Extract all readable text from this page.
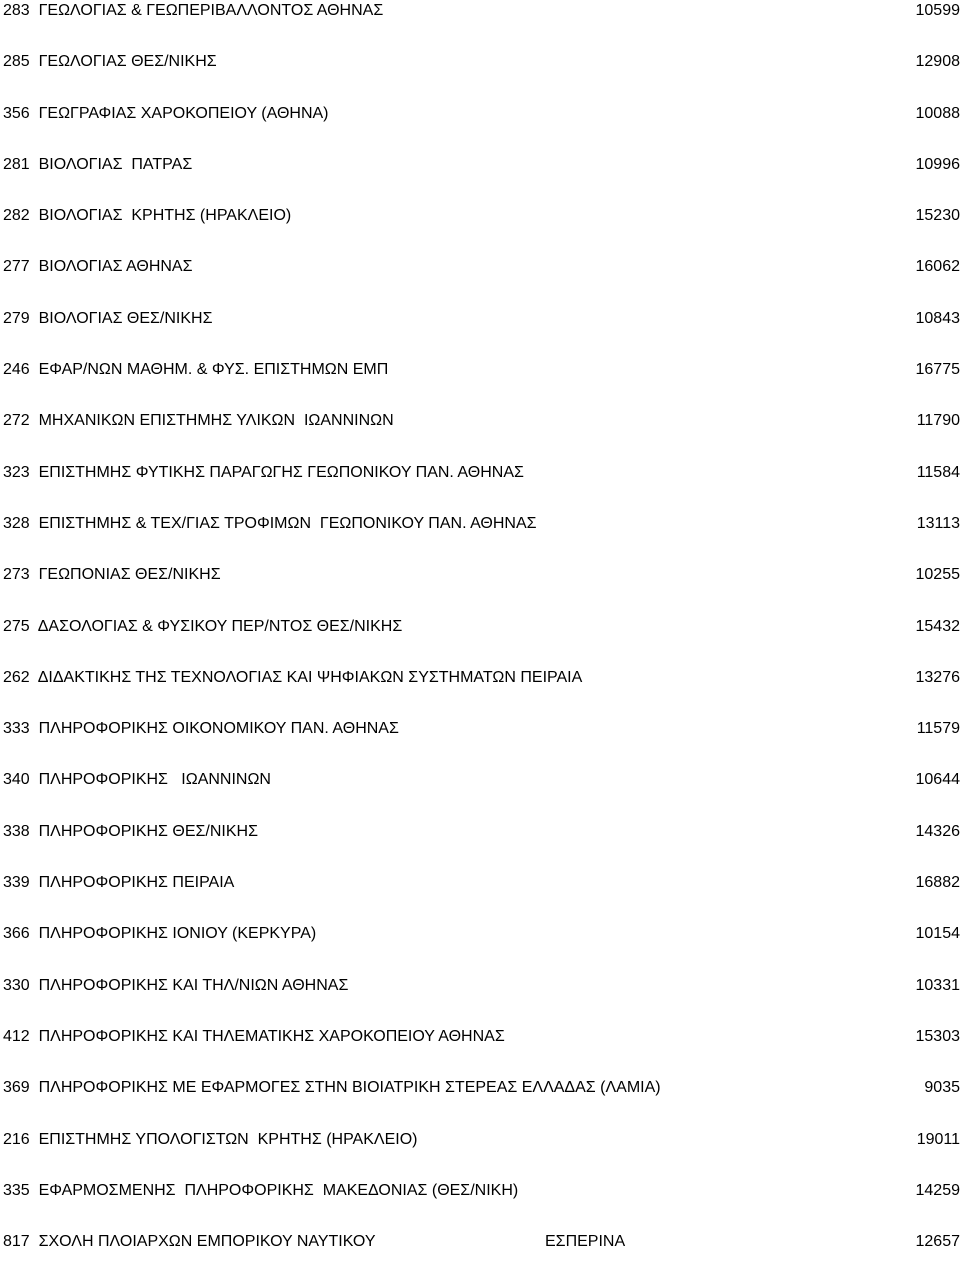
283  ΓΕΩΛΟΓΙΑΣ & ΓΕΩΠΕΡΙΒΑΛΛΟΝΤΟΣ ΑΘΗΝΑΣ	10599
285  ΓΕΩΛΟΓΙΑΣ ΘΕΣ/ΝΙΚΗΣ	12908
356  ΓΕΩΓΡΑΦΙΑΣ ΧΑΡΟΚΟΠΕΙΟΥ (ΑΘΗΝΑ)	10088
281  ΒΙΟΛΟΓΙΑΣ  ΠΑΤΡΑΣ	10996
282  ΒΙΟΛΟΓΙΑΣ  ΚΡΗΤΗΣ (ΗΡΑΚΛΕΙΟ)	15230
277  ΒΙΟΛΟΓΙΑΣ ΑΘΗΝΑΣ	16062
279  ΒΙΟΛΟΓΙΑΣ ΘΕΣ/ΝΙΚΗΣ	10843
246  ΕΦΑΡ/ΝΩΝ ΜΑΘΗΜ. & ΦΥΣ. ΕΠΙΣΤΗΜΩΝ ΕΜΠ	16775
272  ΜΗΧΑΝΙΚΩΝ ΕΠΙΣΤΗΜΗΣ ΥΛΙΚΩΝ  ΙΩΑΝΝΙΝΩΝ	11790
323  ΕΠΙΣΤΗΜΗΣ ΦΥΤΙΚΗΣ ΠΑΡΑΓΩΓΗΣ ΓΕΩΠΟΝΙΚΟΥ ΠΑΝ. ΑΘΗΝΑΣ	11584
328  ΕΠΙΣΤΗΜΗΣ & ΤΕΧ/ΓΙΑΣ ΤΡΟΦΙΜΩΝ  ΓΕΩΠΟΝΙΚΟΥ ΠΑΝ. ΑΘΗΝΑΣ	13113
273  ΓΕΩΠΟΝΙΑΣ ΘΕΣ/ΝΙΚΗΣ	10255
275  ΔΑΣΟΛΟΓΙΑΣ & ΦΥΣΙΚΟΥ ΠΕΡ/ΝΤΟΣ ΘΕΣ/ΝΙΚΗΣ	15432
262  ΔΙΔΑΚΤΙΚΗΣ ΤΗΣ ΤΕΧΝΟΛΟΓΙΑΣ ΚΑΙ ΨΗΦΙΑΚΩΝ ΣΥΣΤΗΜΑΤΩΝ ΠΕΙΡΑΙΑ	13276
333  ΠΛΗΡΟΦΟΡΙΚΗΣ ΟΙΚΟΝΟΜΙΚΟΥ ΠΑΝ. ΑΘΗΝΑΣ	11579
340  ΠΛΗΡΟΦΟΡΙΚΗΣ   ΙΩΑΝΝΙΝΩΝ	10644
338  ΠΛΗΡΟΦΟΡΙΚΗΣ ΘΕΣ/ΝΙΚΗΣ	14326
339  ΠΛΗΡΟΦΟΡΙΚΗΣ ΠΕΙΡΑΙΑ	16882
366  ΠΛΗΡΟΦΟΡΙΚΗΣ ΙΟΝΙΟΥ (ΚΕΡΚΥΡΑ)	10154
330  ΠΛΗΡΟΦΟΡΙΚΗΣ ΚΑΙ ΤΗΛ/ΝΙΩΝ ΑΘΗΝΑΣ	10331
412  ΠΛΗΡΟΦΟΡΙΚΗΣ ΚΑΙ ΤΗΛΕΜΑΤΙΚΗΣ ΧΑΡΟΚΟΠΕΙΟΥ ΑΘΗΝΑΣ	15303
369  ΠΛΗΡΟΦΟΡΙΚΗΣ ΜΕ ΕΦΑΡΜΟΓΕΣ ΣΤΗΝ ΒΙΟΙΑΤΡΙΚΗ ΣΤΕΡΕΑΣ ΕΛΛΑΔΑΣ (ΛΑΜΙΑ)	9035
216  ΕΠΙΣΤΗΜΗΣ ΥΠΟΛΟΓΙΣΤΩΝ  ΚΡΗΤΗΣ (ΗΡΑΚΛΕΙΟ)	19011
335  ΕΦΑΡΜΟΣΜΕΝΗΣ  ΠΛΗΡΟΦΟΡΙΚΗΣ  ΜΑΚΕΔΟΝΙΑΣ (ΘΕΣ/ΝΙΚΗ)	14259
817  ΣΧΟΛΗ ΠΛΟΙΑΡΧΩΝ ΕΜΠΟΡΙΚΟΥ ΝΑΥΤΙΚΟΥ	ΕΣΠΕΡΙΝΑ	12657
